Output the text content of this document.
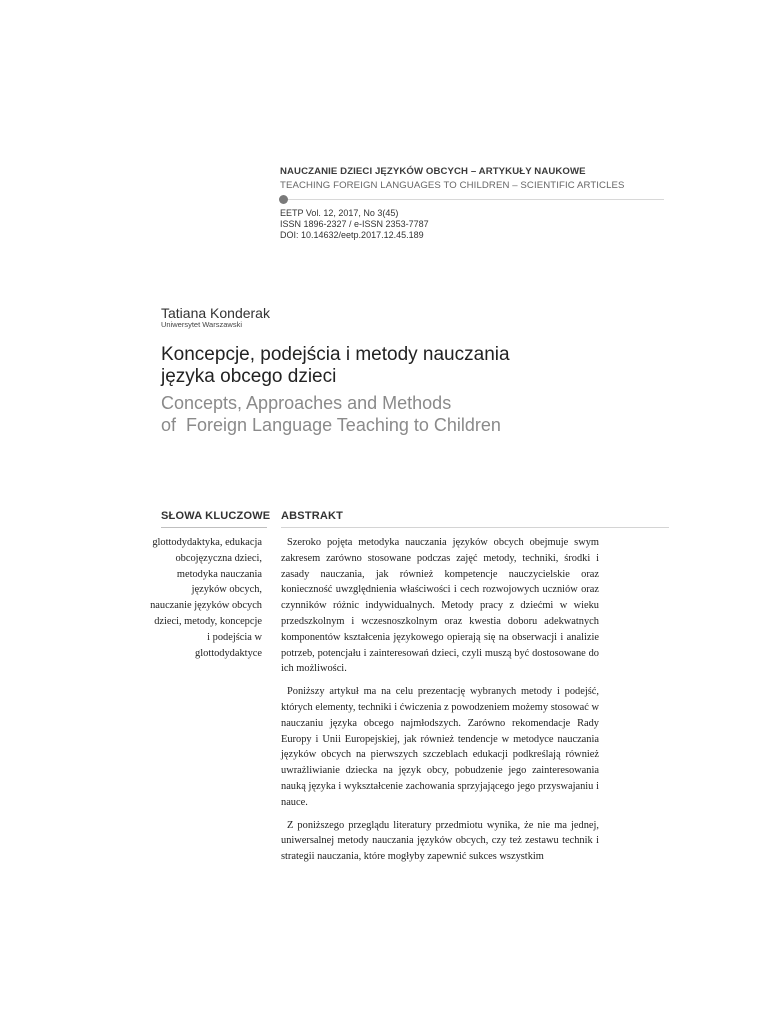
NAUCZANIE DZIECI JĘZYKÓW OBCYCH – ARTYKUŁY NAUKOWE
TEACHING FOREIGN LANGUAGES TO CHILDREN – SCIENTIFIC ARTICLES
EETP Vol. 12, 2017, No 3(45)
ISSN 1896-2327 / e-ISSN 2353-7787
DOI: 10.14632/eetp.2017.12.45.189
Tatiana Konderak
Uniwersytet Warszawski
Koncepcje, podejścia i metody nauczania
języka obcego dzieci
Concepts, Approaches and Methods
of  Foreign Language Teaching to Children
SŁOWA KLUCZOWE ABSTRAKT
glottodydaktyka, edukacja obcojęzyczna dzieci, metodyka nauczania języków obcych, nauczanie języków obcych dzieci, metody, koncepcje i podejścia w glottodydaktyce

Szeroko pojęta metodyka nauczania języków obcych obejmuje swym zakresem zarówno stosowane podczas zajęć metody, techniki, środki i zasady nauczania, jak również kompetencje nauczycielskie oraz konieczność uwzględnienia właściwości i cech rozwojowych uczniów oraz czynników różnic indywidualnych. Metody pracy z dziećmi w wieku przedszkolnym i wczesnoszkolnym oraz kwestia doboru adekwatnych komponentów kształcenia językowego opierają się na obserwacji i analizie potrzeb, potencjału i zainteresowań dzieci, czyli muszą być dostosowane do ich możliwości.

Poniższy artykuł ma na celu prezentację wybranych metody i podejść, których elementy, techniki i ćwiczenia z powodzeniem możemy stosować w nauczaniu języka obcego najmłodszych. Zarówno rekomendacje Rady Europy i Unii Europejskiej, jak również tendencje w metodyce nauczania języków obcych na pierwszych szczeblach edukacji podkreślają również uwrażliwianie dziecka na język obcy, pobudzenie jego zainteresowania nauką języka i wykształcenie zachowania sprzyjającego jego przyswajaniu i nauce.

Z poniższego przeglądu literatury przedmiotu wynika, że nie ma jednej, uniwersalnej metody nauczania języków obcych, czy też zestawu technik i strategii nauczania, które mogłyby zapewnić sukces wszystkim
